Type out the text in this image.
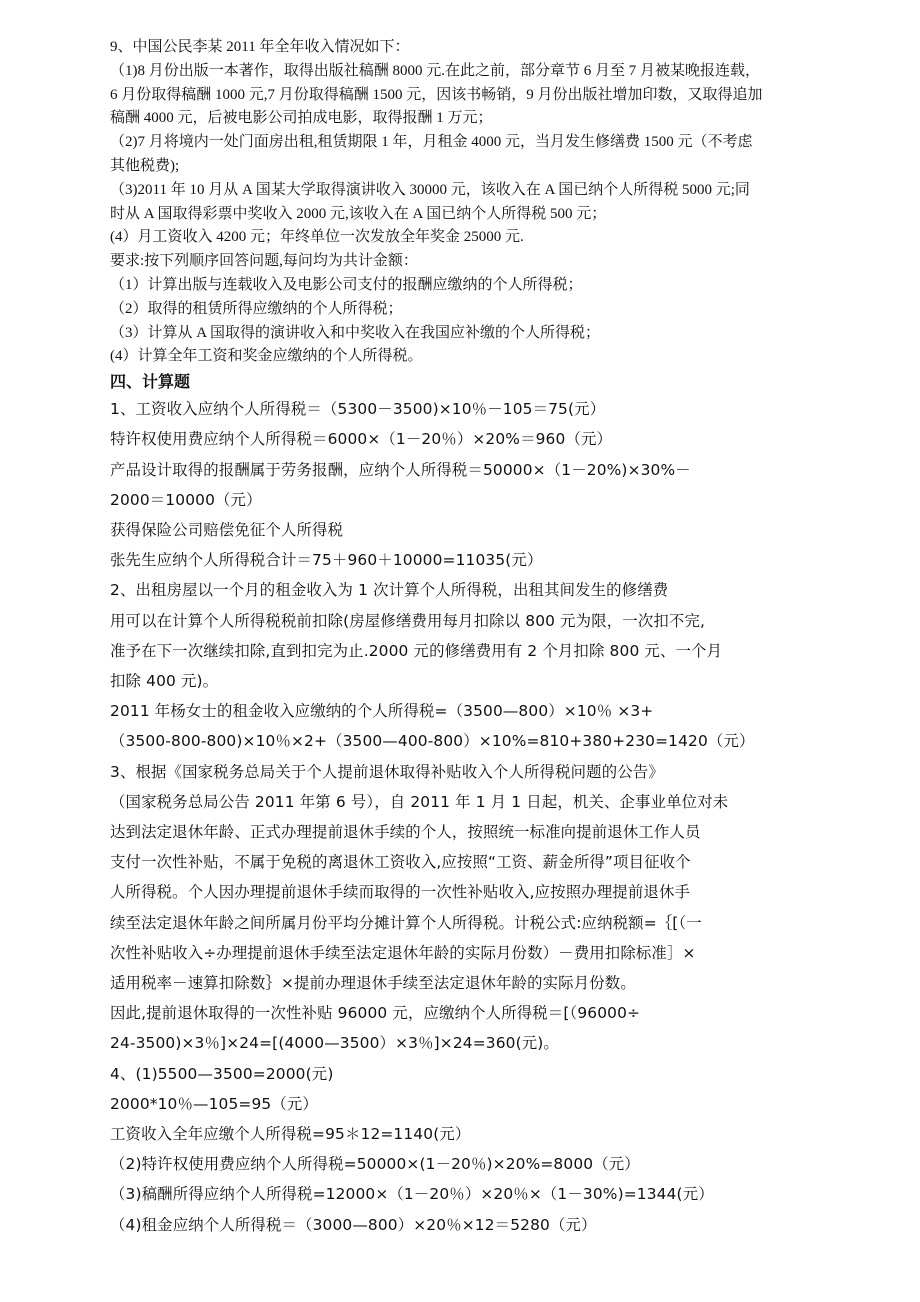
9、中国公民李某 2011 年全年收入情况如下：
（1)8 月份出版一本著作，取得出版社稿酬 8000 元.在此之前，部分章节 6 月至 7 月被某晚报连载，
6 月份取得稿酬 1000 元,7 月份取得稿酬 1500 元，因该书畅销，9 月份出版社增加印数，又取得追加
稿酬 4000 元，后被电影公司拍成电影，取得报酬 1 万元；
（2)7 月将境内一处门面房出租,租赁期限 1 年，月租金 4000 元，当月发生修缮费 1500 元（不考虑
其他税费);
（3)2011 年 10 月从 A 国某大学取得演讲收入 30000 元，该收入在 A 国已纳个人所得税 5000 元;同
时从 A 国取得彩票中奖收入 2000 元,该收入在 A 国已纳个人所得税 500 元；
(4）月工资收入 4200 元；年终单位一次发放全年奖金 25000 元.
要求:按下列顺序回答问题,每问均为共计金额：
（1）计算出版与连载收入及电影公司支付的报酬应缴纳的个人所得税；
（2）取得的租赁所得应缴纳的个人所得税；
（3）计算从 A 国取得的演讲收入和中奖收入在我国应补缴的个人所得税；
(4）计算全年工资和奖金应缴纳的个人所得税。
四、计算题
1、工资收入应纳个人所得税＝（5300－3500)×10％－105＝75(元）
特许权使用费应纳个人所得税＝6000×（1－20％）×20%＝960（元）
产品设计取得的报酬属于劳务报酬，应纳个人所得税＝50000×（1－20%)×30%－
2000＝10000（元）
获得保险公司赔偿免征个人所得税
张先生应纳个人所得税合计＝75＋960＋10000=11035(元）
2、出租房屋以一个月的租金收入为 1 次计算个人所得税，出租其间发生的修缮费
用可以在计算个人所得税税前扣除(房屋修缮费用每月扣除以 800 元为限，一次扣不完,
准予在下一次继续扣除,直到扣完为止.2000 元的修缮费用有 2 个月扣除 800 元、一个月
扣除 400 元)。
2011 年杨女士的租金收入应缴纳的个人所得税=（3500—800）×10％ ×3+
（3500-800-800)×10％×2+（3500—400-800）×10%=810+380+230=1420（元）
3、根据《国家税务总局关于个人提前退休取得补贴收入个人所得税问题的公告》
（国家税务总局公告 2011 年第 6 号），自 2011 年 1 月 1 日起，机关、企事业单位对未
达到法定退休年龄、正式办理提前退休手续的个人，按照统一标准向提前退休工作人员
支付一次性补贴，不属于免税的离退休工资收入,应按照“工资、薪金所得”项目征收个
人所得税。个人因办理提前退休手续而取得的一次性补贴收入,应按照办理提前退休手
续至法定退休年龄之间所属月份平均分摊计算个人所得税。计税公式:应纳税额=｛[（一
次性补贴收入÷办理提前退休手续至法定退休年龄的实际月份数）－费用扣除标准］×
适用税率－速算扣除数｝×提前办理退休手续至法定退休年龄的实际月份数。
因此,提前退休取得的一次性补贴 96000 元，应缴纳个人所得税＝[（96000÷
24-3500)×3％]×24=[(4000—3500）×3％]×24=360(元)。
4、(1)5500—3500=2000(元)
2000*10％—105=95（元）
工资收入全年应缴个人所得税=95＊12=1140(元）
（2)特许权使用费应纳个人所得税=50000×(1－20％)×20%=8000（元）
（3)稿酬所得应纳个人所得税=12000×（1－20％）×20％×（1－30%)=1344(元）
（4)租金应纳个人所得税＝（3000—800）×20％×12＝5280（元）
